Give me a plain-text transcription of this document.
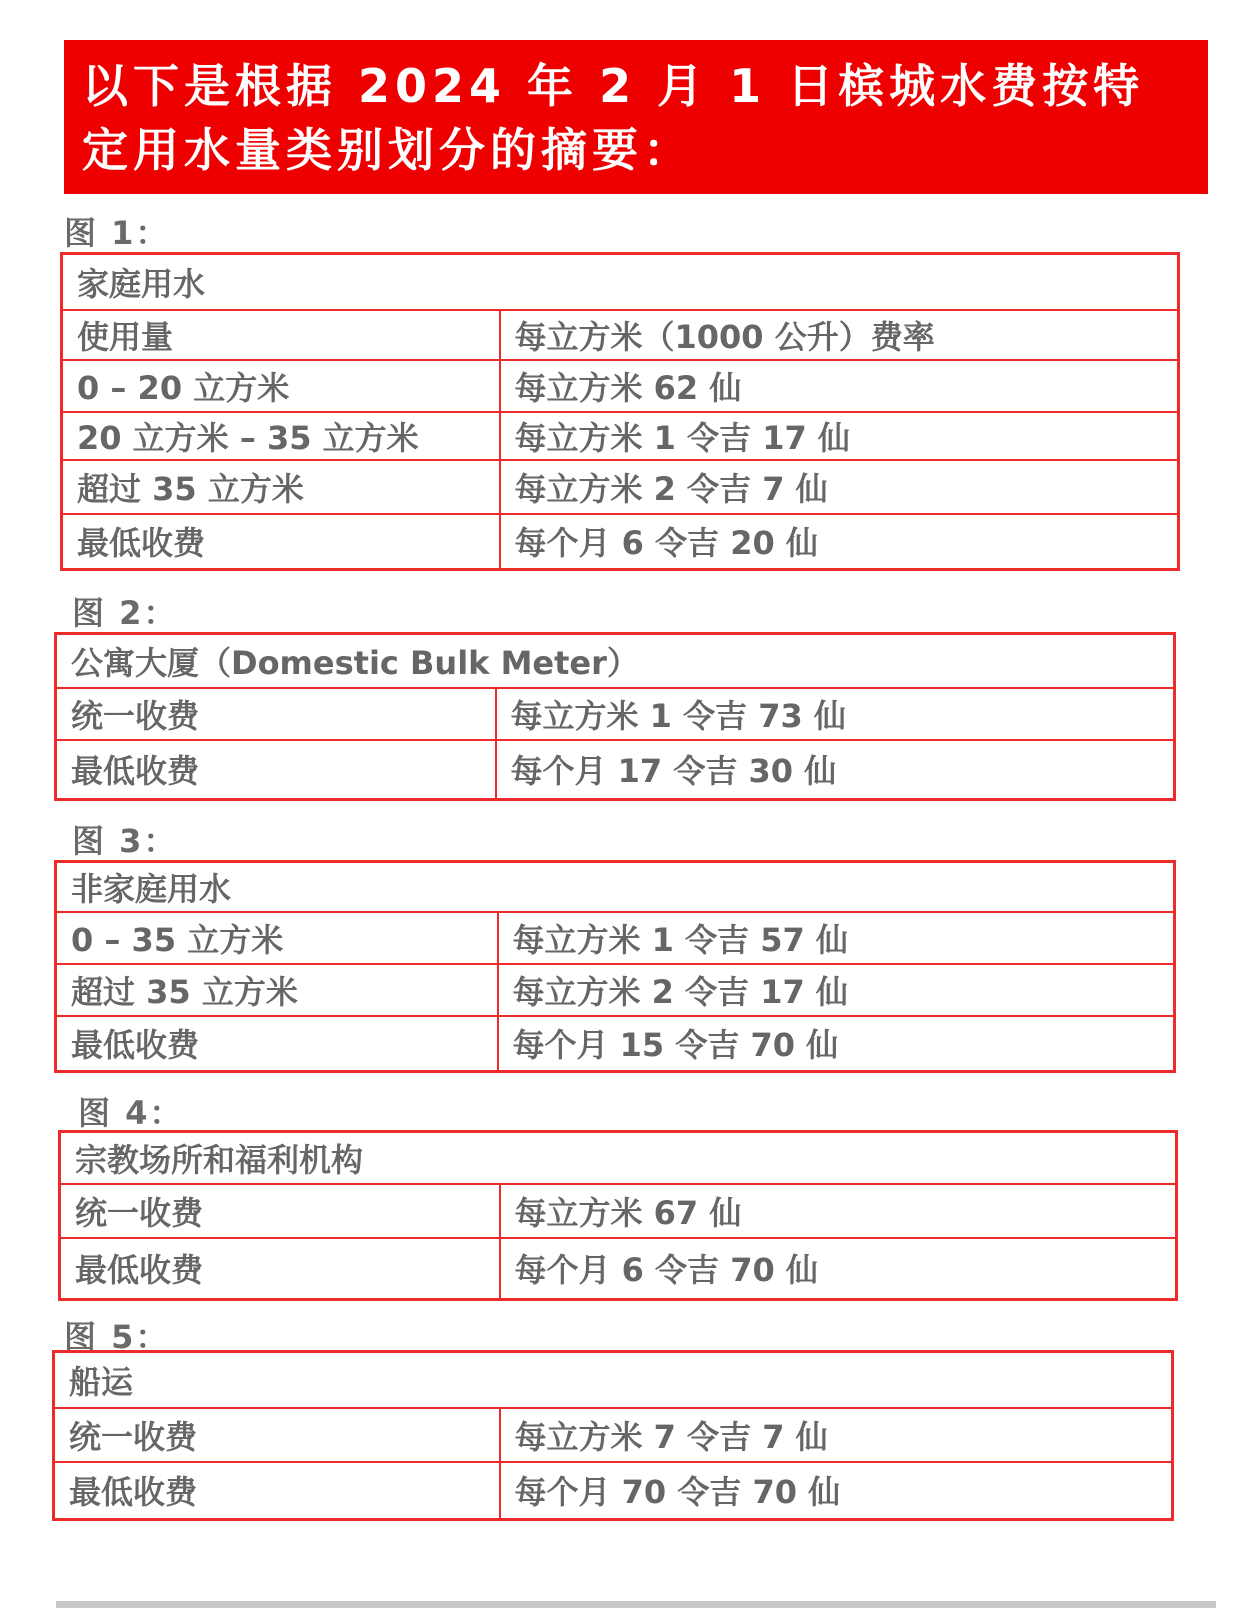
以下是根据 2024 年 2 月 1 日槟城水费按特定用水量类别划分的摘要：
图 1：
家庭用水	
使用量	每立方米（1000 公升）费率
0 – 20 立方米	每立方米 62 仙
20 立方米 – 35 立方米	每立方米 1 令吉 17 仙
超过 35 立方米	每立方米 2 令吉 7 仙
最低收费	每个月 6 令吉 20 仙
图 2：
公寓大厦（Domestic Bulk Meter）	
统一收费	每立方米 1 令吉 73 仙
最低收费	每个月 17 令吉 30 仙
图 3：
非家庭用水	
0 – 35 立方米	每立方米 1 令吉 57 仙
超过 35 立方米	每立方米 2 令吉 17 仙
最低收费	每个月 15 令吉 70 仙
图 4：
宗教场所和福利机构	
统一收费	每立方米 67 仙
最低收费	每个月 6 令吉 70 仙
图 5：
船运	
统一收费	每立方米 7 令吉 7 仙
最低收费	每个月 70 令吉 70 仙
